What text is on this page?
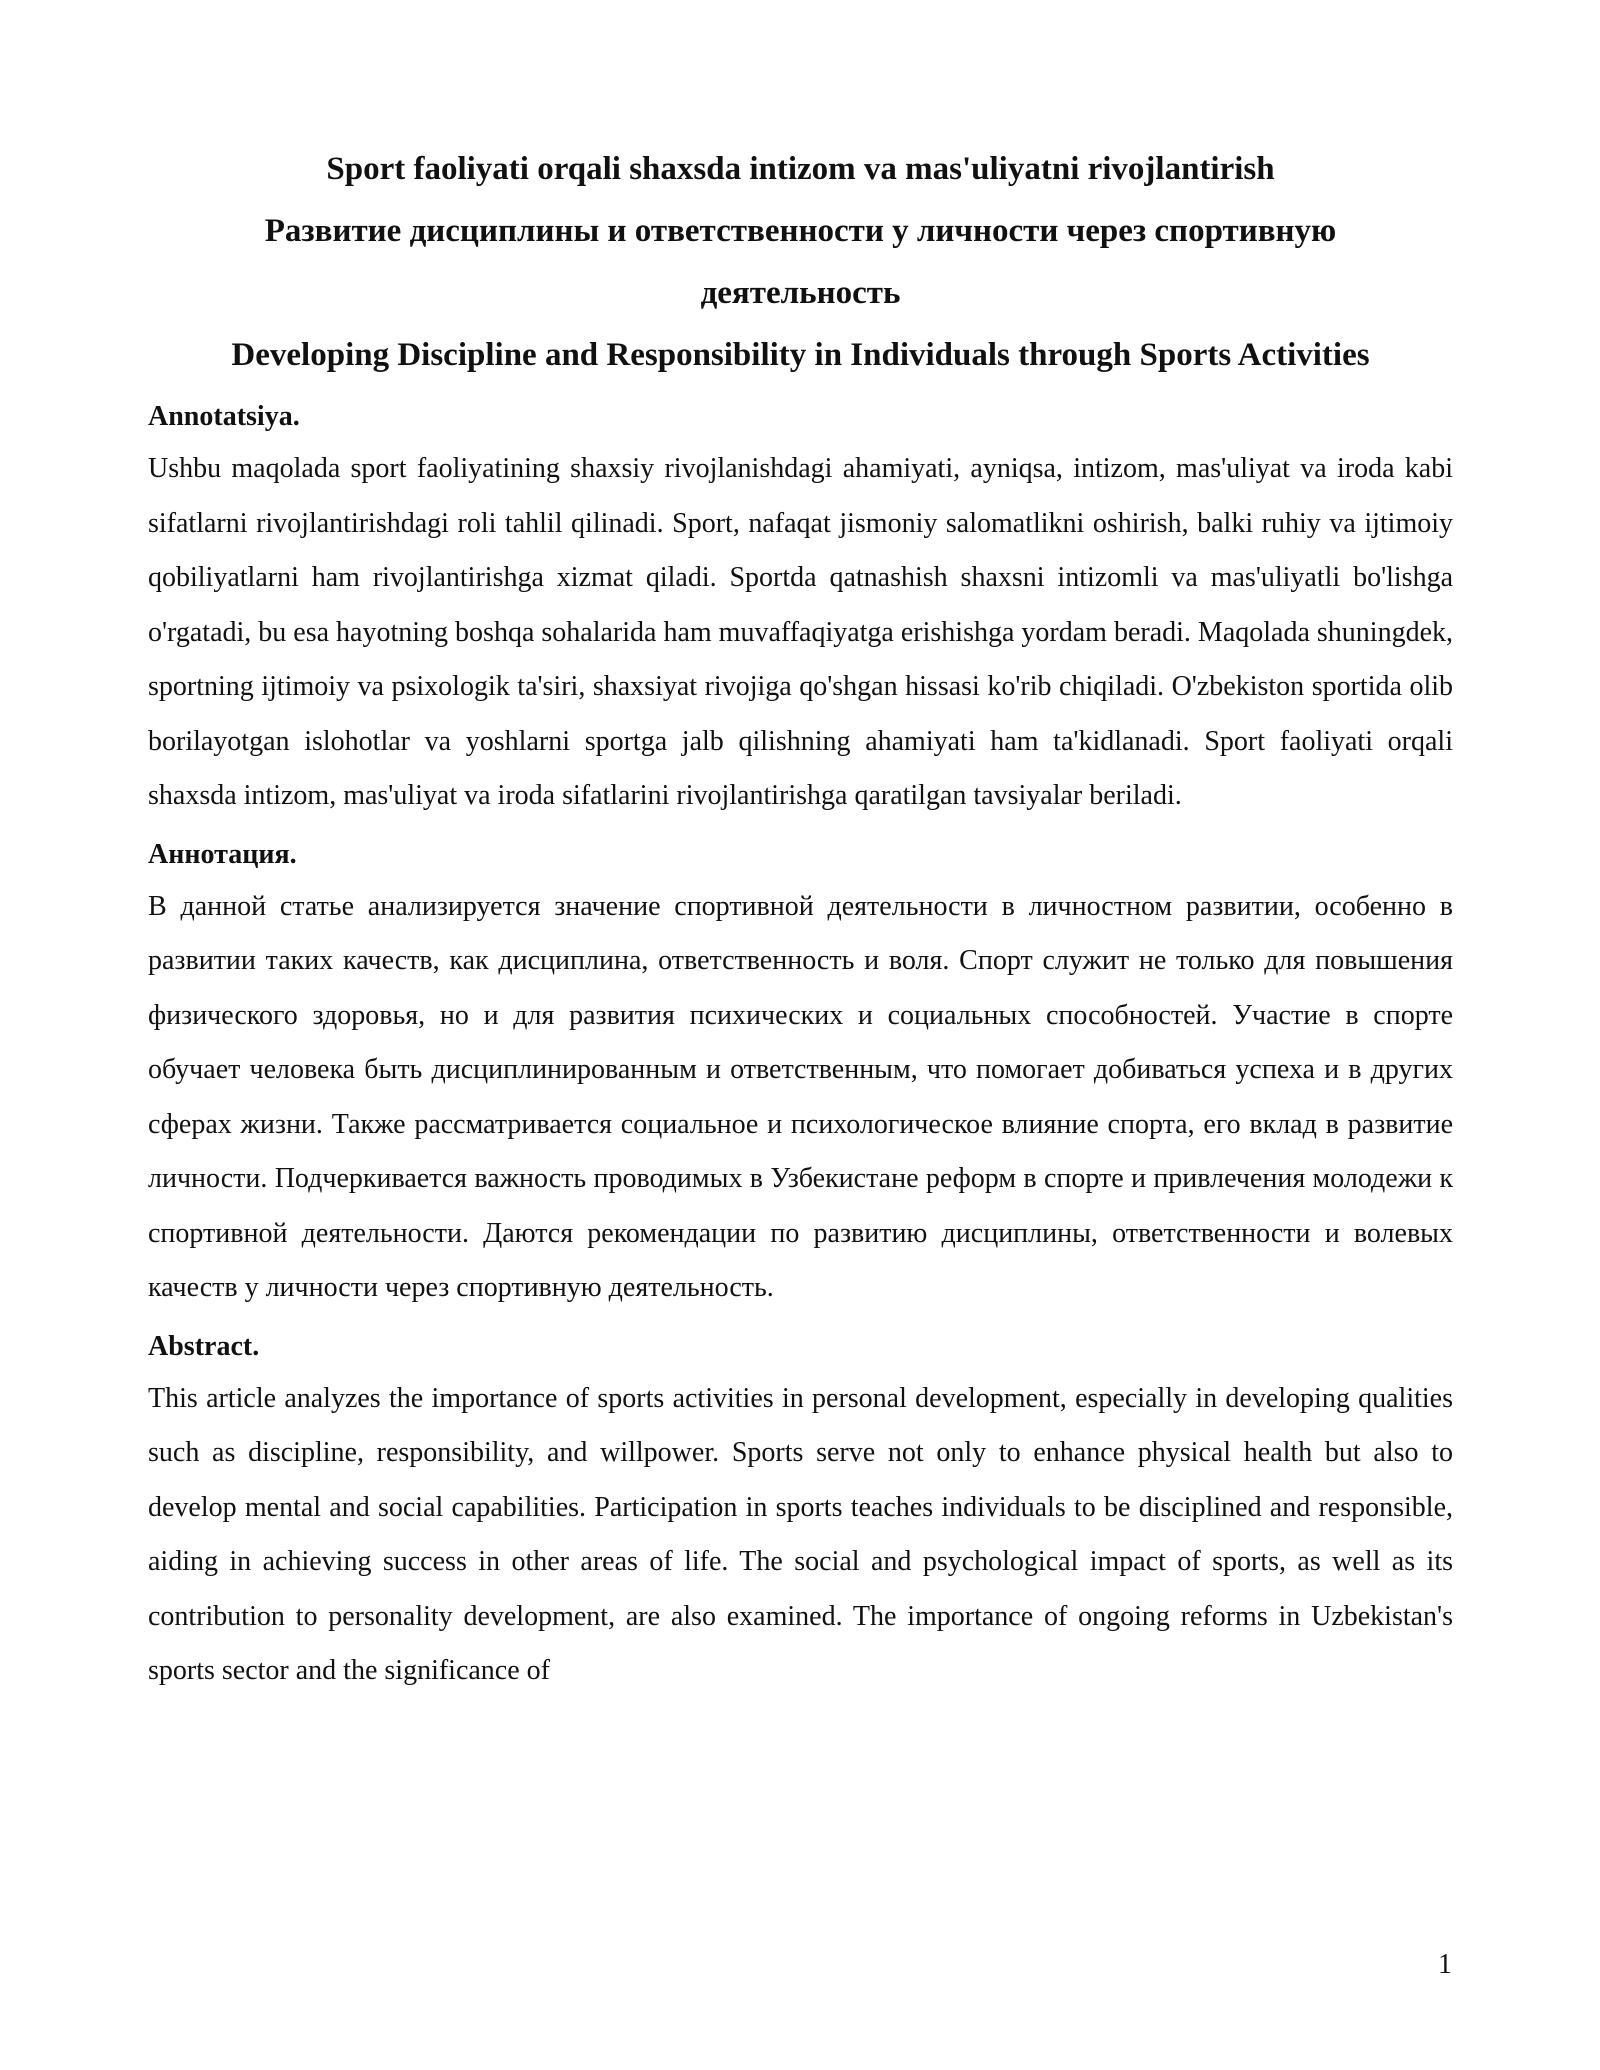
Sport faoliyati orqali shaxsda intizom va mas'uliyatni rivojlantirish
Развитие дисциплины и ответственности у личности через спортивную деятельность
Developing Discipline and Responsibility in Individuals through Sports Activities
Annotatsiya.

Ushbu maqolada sport faoliyatining shaxsiy rivojlanishdagi ahamiyati, ayniqsa, intizom, mas'uliyat va iroda kabi sifatlarni rivojlantirishdagi roli tahlil qilinadi. Sport, nafaqat jismoniy salomatlikni oshirish, balki ruhiy va ijtimoiy qobiliyatlarni ham rivojlantirishga xizmat qiladi. Sportda qatnashish shaxsni intizomli va mas'uliyatli bo'lishga o'rgatadi, bu esa hayotning boshqa sohalarida ham muvaffaqiyatga erishishga yordam beradi. Maqolada shuningdek, sportning ijtimoiy va psixologik ta'siri, shaxsiyat rivojiga qo'shgan hissasi ko'rib chiqiladi. O'zbekiston sportida olib borilayotgan islohotlar va yoshlarni sportga jalb qilishning ahamiyati ham ta'kidlanadi. Sport faoliyati orqali shaxsda intizom, mas'uliyat va iroda sifatlarini rivojlantirishga qaratilgan tavsiyalar beriladi.

Аннотация.

В данной статье анализируется значение спортивной деятельности в личностном развитии, особенно в развитии таких качеств, как дисциплина, ответственность и воля. Спорт служит не только для повышения физического здоровья, но и для развития психических и социальных способностей. Участие в спорте обучает человека быть дисциплинированным и ответственным, что помогает добиваться успеха и в других сферах жизни. Также рассматривается социальное и психологическое влияние спорта, его вклад в развитие личности. Подчеркивается важность проводимых в Узбекистане реформ в спорте и привлечения молодежи к спортивной деятельности. Даются рекомендации по развитию дисциплины, ответственности и волевых качеств у личности через спортивную деятельность.

Abstract.

This article analyzes the importance of sports activities in personal development, especially in developing qualities such as discipline, responsibility, and willpower. Sports serve not only to enhance physical health but also to develop mental and social capabilities. Participation in sports teaches individuals to be disciplined and responsible, aiding in achieving success in other areas of life. The social and psychological impact of sports, as well as its contribution to personality development, are also examined. The importance of ongoing reforms in Uzbekistan's sports sector and the significance of

1
